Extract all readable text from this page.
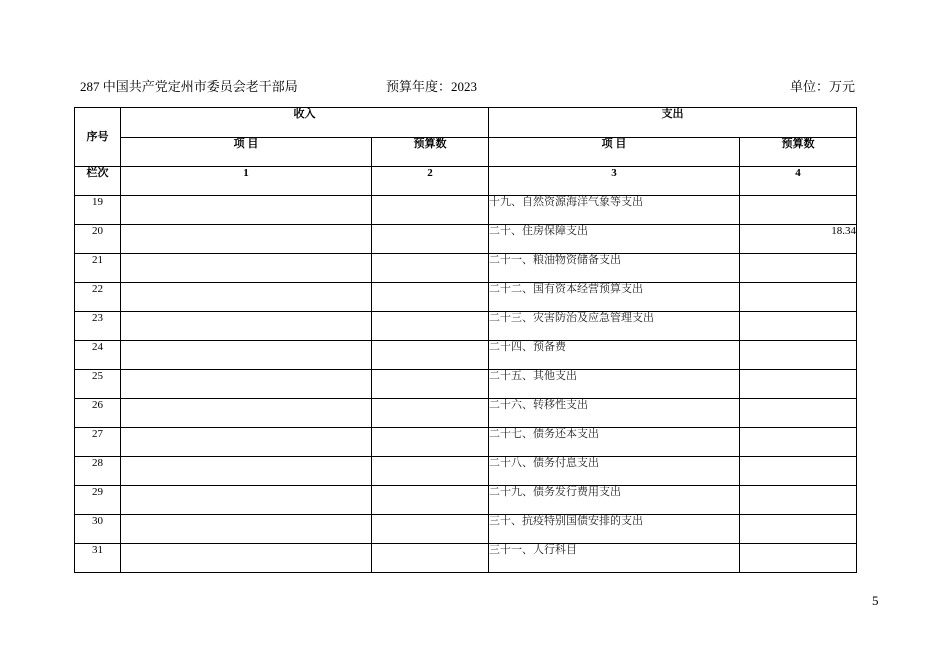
287 中国共产党定州市委员会老干部局	预算年度：2023	单位：万元
序号	收入		支出	
	项 目	预算数	项 目	预算数
栏次	1	2	3	4
19			十九、自然资源海洋气象等支出	
20			二十、住房保障支出	18.34
21			二十一、粮油物资储备支出	
22			二十二、国有资本经营预算支出	
23			二十三、灾害防治及应急管理支出	
24			二十四、预备费	
25			二十五、其他支出	
26			二十六、转移性支出	
27			二十七、债务还本支出	
28			二十八、债务付息支出	
29			二十九、债务发行费用支出	
30			三十、抗疫特别国债安排的支出	
31			三十一、人行科目	
5
